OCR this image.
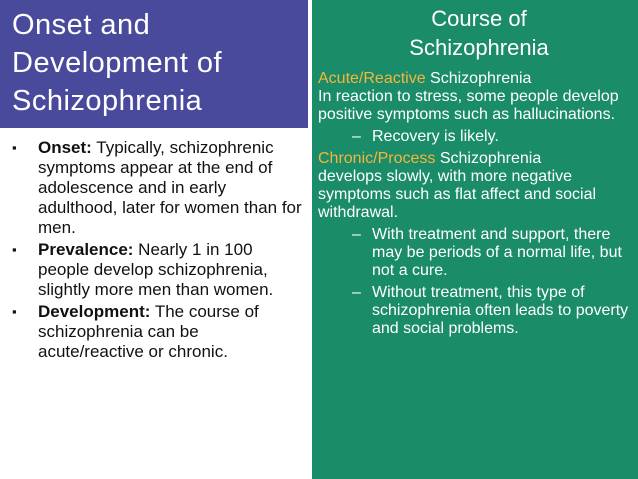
Onset and
Development of
Schizophrenia
▪ Onset: Typically, schizophrenic symptoms appear at the end of adolescence and in early adulthood, later for women than for men.
▪ Prevalence: Nearly 1 in 100 people develop schizophrenia, slightly more men than women.
▪ Development: The course of schizophrenia can be acute/reactive or chronic.
Course of
Schizophrenia
Acute/Reactive Schizophrenia
In reaction to stress, some people develop positive symptoms such as hallucinations.
– Recovery is likely.
Chronic/Process Schizophrenia
develops slowly, with more negative symptoms such as flat affect and social withdrawal.
– With treatment and support, there may be periods of a normal life, but not a cure.
– Without treatment, this type of schizophrenia often leads to poverty and social problems.
